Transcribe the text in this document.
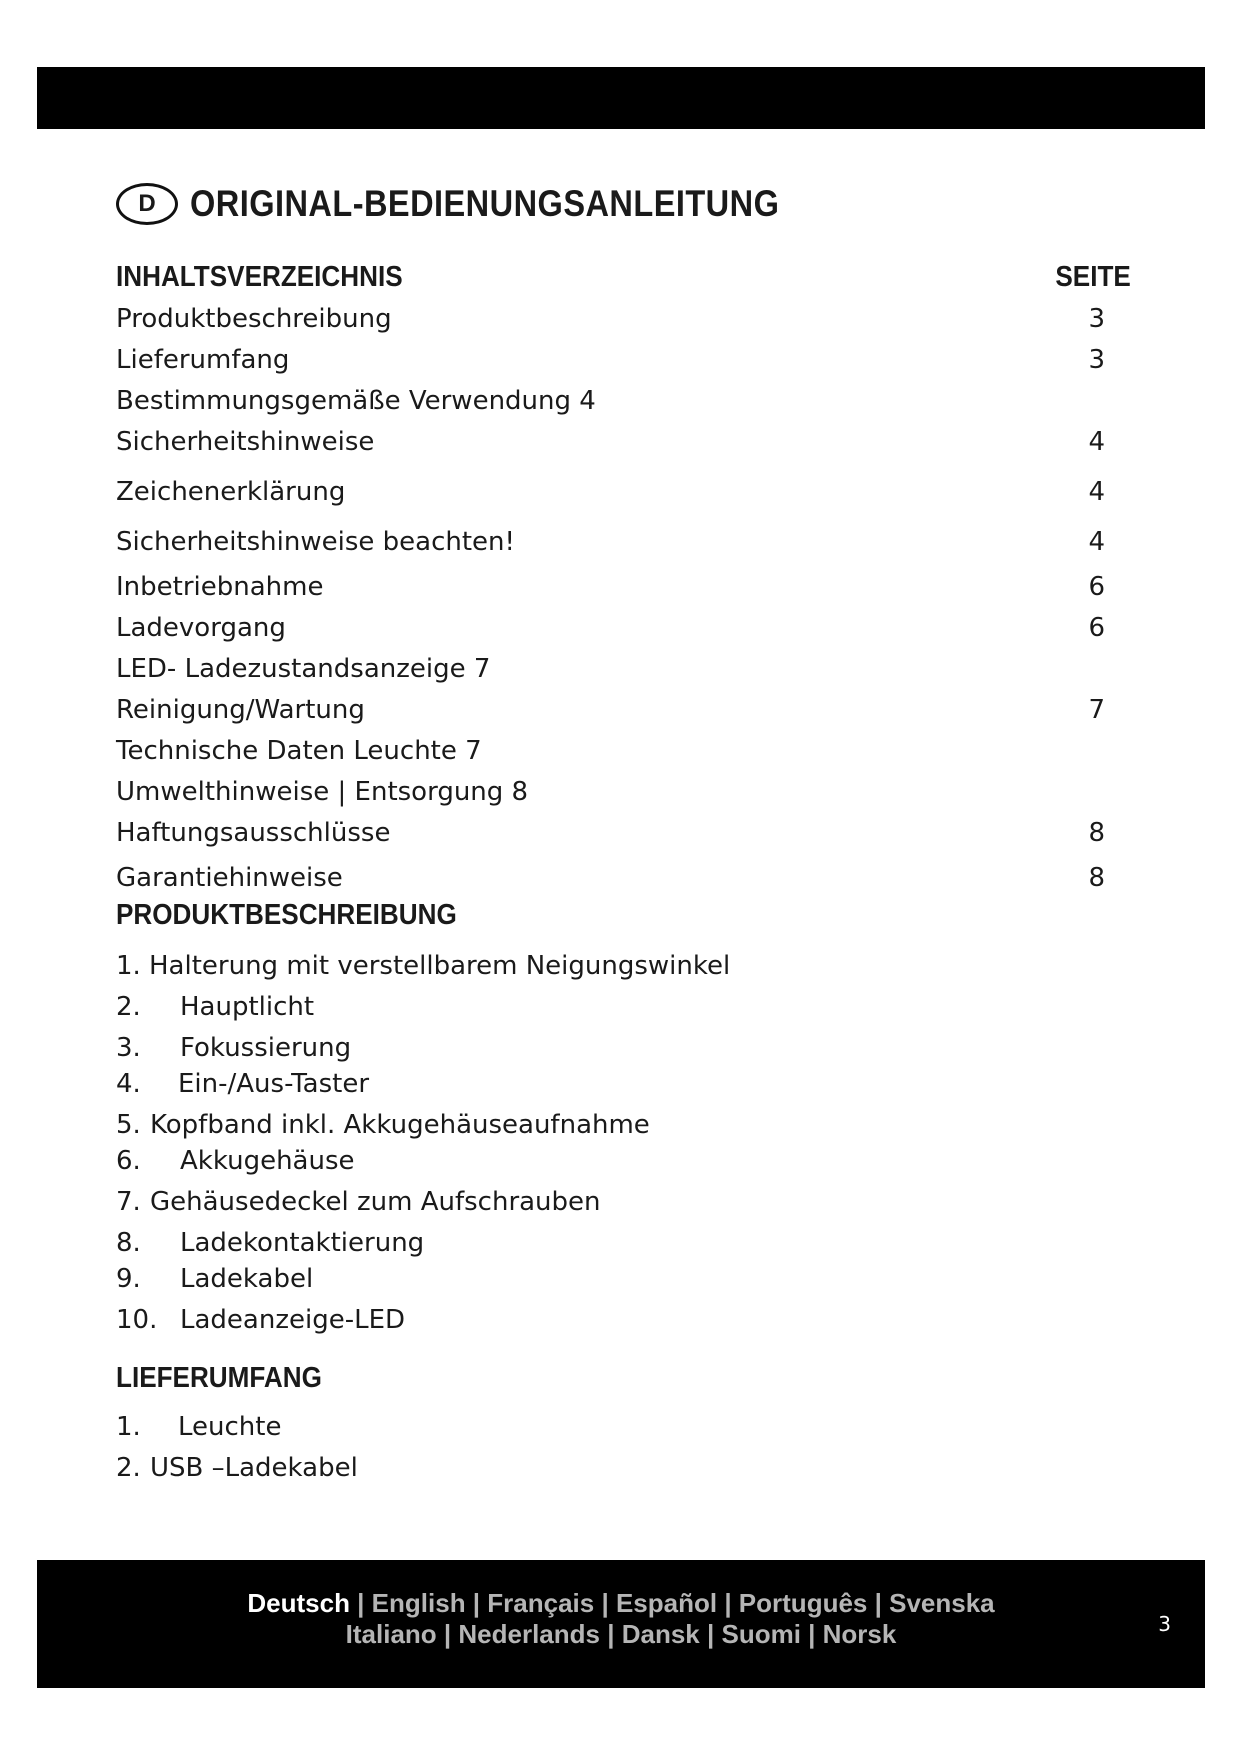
D ORIGINAL-BEDIENUNGSANLEITUNG
INHALTSVERZEICHNIS	SEITE
Produktbeschreibung	3
Lieferumfang	3
Bestimmungsgemäße Verwendung 4
Sicherheitshinweise	4
Zeichenerklärung	4
Sicherheitshinweise beachten!	4
Inbetriebnahme	6
Ladevorgang	6
LED- Ladezustandsanzeige 7
Reinigung/Wartung	7
Technische Daten Leuchte 7
Umwelthinweise | Entsorgung 8
Haftungsausschlüsse	8
Garantiehinweise	8
PRODUKTBESCHREIBUNG
1. Halterung mit verstellbarem Neigungswinkel
2. Hauptlicht
3. Fokussierung
4. Ein-/Aus-Taster
5. Kopfband inkl. Akkugehäuseaufnahme
6. Akkugehäuse
7. Gehäusedeckel zum Aufschrauben
8. Ladekontaktierung
9. Ladekabel
10. Ladeanzeige-LED
LIEFERUMFANG
1. Leuchte
2. USB –Ladekabel
Deutsch | English | Français | Español | Português | Svenska
Italiano | Nederlands | Dansk | Suomi | Norsk	3
